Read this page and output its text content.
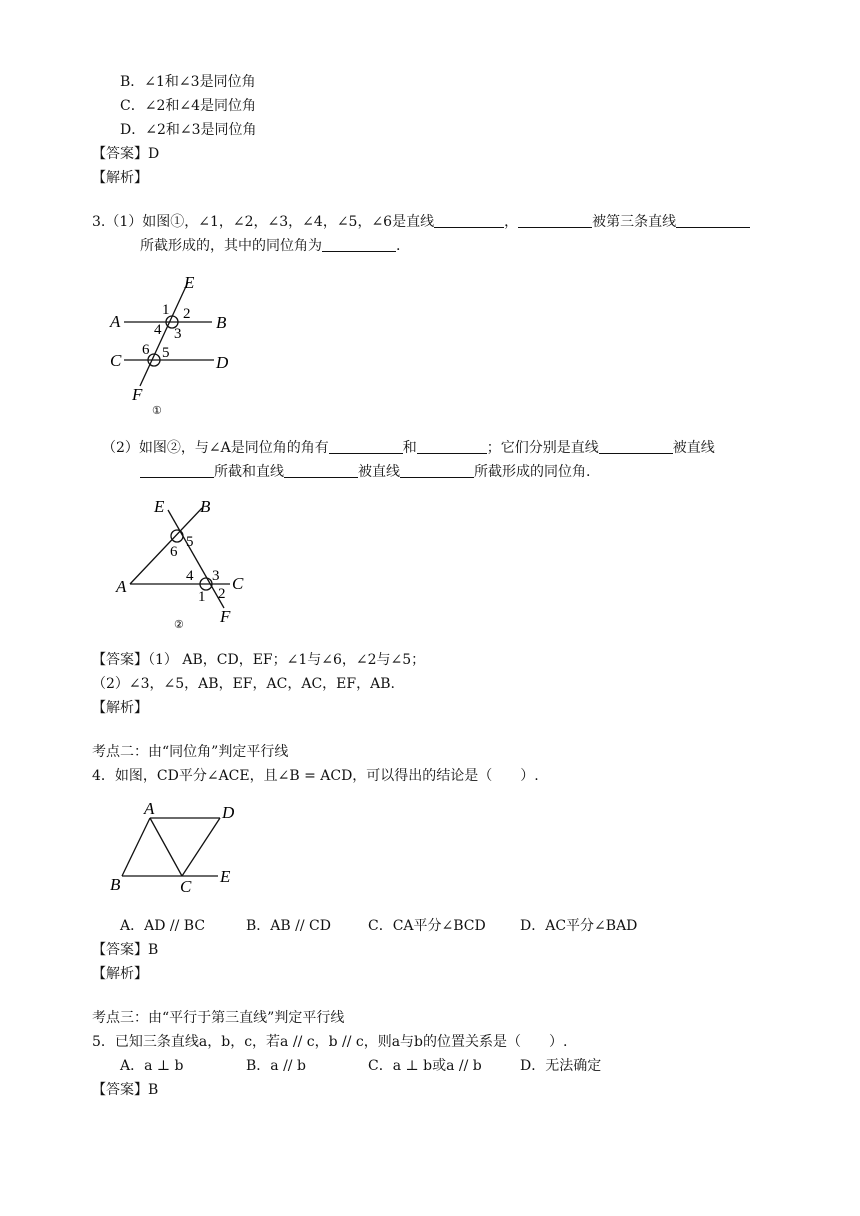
B．∠1和∠3是同位角
C．∠2和∠4是同位角
D．∠2和∠3是同位角
【答案】D
【解析】
3.（1）如图①，∠1，∠2，∠3，∠4，∠5，∠6是直线	，	被第三条直线
所截形成的，其中的同位角为	.
E
A	B
C	D
F
1 2
3
4
5
6
①
（2）如图②，与∠A是同位角的角有	和	；它们分别是直线	被直线
所截和直线	被直线	所截形成的同位角.
E B
A	C
F
1 2
3
4
5
6
②
【答案】（1） AB，CD，EF；∠1与∠6，∠2与∠5；
（2）∠3，∠5，AB，EF，AC，AC，EF，AB.
【解析】
考点二：由“同位角”判定平行线
4．如图，CD平分∠ACE，且∠B = ACD，可以得出的结论是（　　）.
A	D
B	C
E
A．AD // BC	B．AB // CD	C．CA平分∠BCD D．AC平分∠BAD
【答案】B
【解析】
考点三：由“平行于第三直线”判定平行线
5．已知三条直线a，b，c，若a // c，b // c，则a与b的位置关系是（　　）.
A．a ⊥ b	B．a // b	C．a ⊥ b或a // b	D．无法确定
【答案】B
